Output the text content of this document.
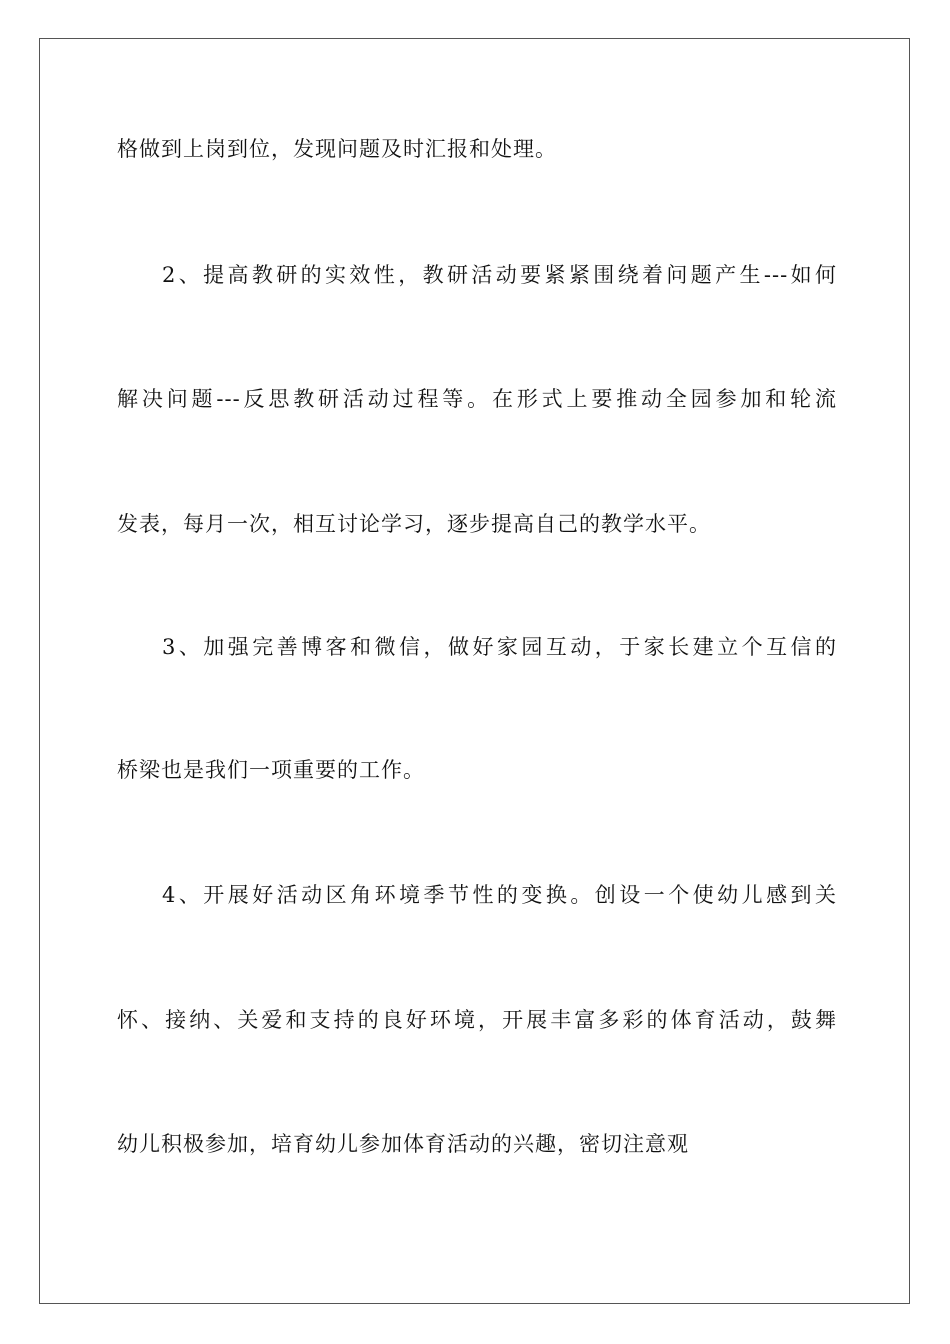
格做到上岗到位，发现问题及时汇报和处理。
2、提高教研的实效性，教研活动要紧紧围绕着问题产生---如何
解决问题---反思教研活动过程等。在形式上要推动全园参加和轮流
发表，每月一次，相互讨论学习，逐步提高自己的教学水平。
3、加强完善博客和微信，做好家园互动，于家长建立个互信的
桥梁也是我们一项重要的工作。
4、开展好活动区角环境季节性的变换。创设一个使幼儿感到关
怀、接纳、关爱和支持的良好环境，开展丰富多彩的体育活动，鼓舞
幼儿积极参加，培育幼儿参加体育活动的兴趣，密切注意观
